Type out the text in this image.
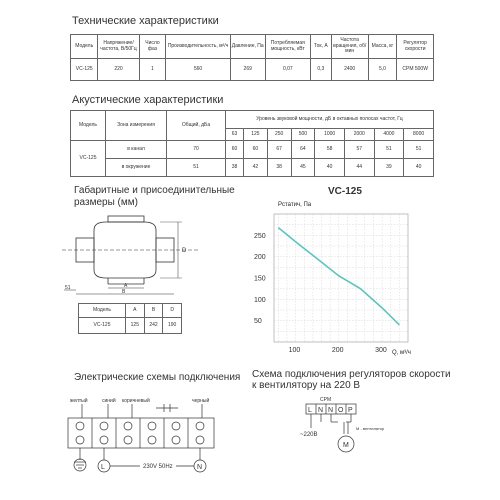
Технические характеристики
Модель	Напряжение/ частота, В/50Гц	Число фаз	Производительность, м³/ч	Давление, Па	Потребляемая мощность, кВт	Ток, А	Частота вращения, об/мин	Масса, кг	Регулятор скорости
VC-125	220	1	560	269	0,07	0,3	2400	5,0	CPM 500W
Акустические характеристики
Модель	Зона измерения	Общий, дБа	Уровень звуковой мощности, дБ в октавных полосах частот, Гц							
			63	125	250	500	1000	2000	4000	8000
VC-125	в канал	70	60	60	67	64	58	57	51	51
	в окружение	51	38	42	38	45	40	44	39	40
Габаритные и присоединительные
размеры (мм)
D
A
B
51
Модель	A	B	D
VC-125	125	242	190
VC-125
100	200	300
50
100
150
200
250
Pстатич, Па
Q, м³/ч
Электрические схемы подключения
желтый	синий коричневый	черный
L	N
230V 50Hz
Схема подключения регуляторов скорости
к вентилятору на 220 В
CPM
L N N O P
~220В
М - вентилятор
M
